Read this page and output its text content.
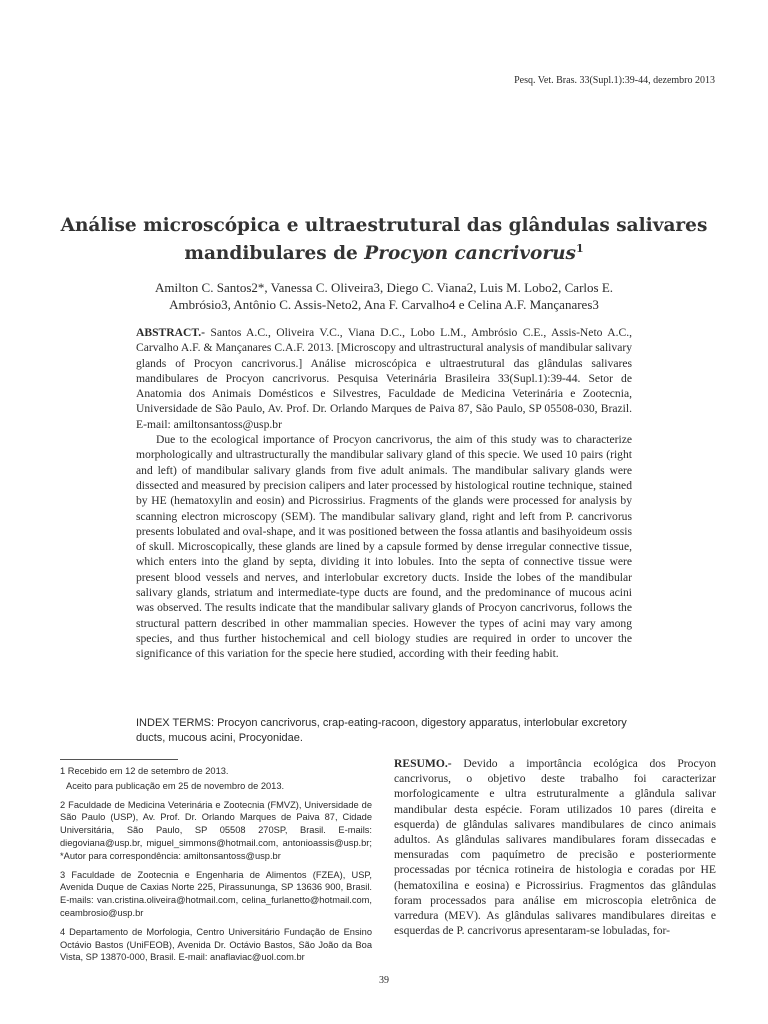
Pesq. Vet. Bras. 33(Supl.1):39-44, dezembro 2013
Análise microscópica e ultraestrutural das glândulas salivares
mandibulares de Procyon cancrivorus$^1$
Amilton C. Santos2*, Vanessa C. Oliveira3, Diego C. Viana2, Luis M. Lobo2, Carlos E.
Ambrósio3, Antônio C. Assis-Neto2, Ana F. Carvalho4 e Celina A.F. Mançanares3

ABSTRACT.- Santos A.C., Oliveira V.C., Viana D.C., Lobo L.M., Ambrósio C.E., Assis-Neto A.C., Carvalho A.F. & Mançanares C.A.F. 2013. [Microscopy and ultrastructural analysis of mandibular salivary glands of Procyon cancrivorus.] Análise microscópica e ultraestrutural das glândulas salivares mandibulares de Procyon cancrivorus. Pesquisa Veterinária Brasileira 33(Supl.1):39-44. Setor de Anatomia dos Animais Domésticos e Silvestres, Faculdade de Medicina Veterinária e Zootecnia, Universidade de São Paulo, Av. Prof. Dr. Orlando Marques de Paiva 87, São Paulo, SP 05508-030, Brazil. E-mail: amiltonsantoss@usp.br

Due to the ecological importance of Procyon cancrivorus, the aim of this study was to characterize morphologically and ultrastructurally the mandibular salivary gland of this specie. We used 10 pairs (right and left) of mandibular salivary glands from five adult animals. The mandibular salivary glands were dissected and measured by precision calipers and later processed by histological routine technique, stained by HE (hematoxylin and eosin) and Picrossirius. Fragments of the glands were processed for analysis by scanning electron microscopy (SEM). The mandibular salivary gland, right and left from P. cancrivorus presents lobulated and oval-shape, and it was positioned between the fossa atlantis and basihyoideum ossis of skull. Microscopically, these glands are lined by a capsule formed by dense irregular connective tissue, which enters into the gland by septa, dividing it into lobules. Into the septa of connective tissue were present blood vessels and nerves, and interlobular excretory ducts. Inside the lobes of the mandibular salivary glands, striatum and intermediate-type ducts are found, and the predominance of mucous acini was observed. The results indicate that the mandibular salivary glands of Procyon cancrivorus, follows the structural pattern described in other mammalian species. However the types of acini may vary among species, and thus further histochemical and cell biology studies are required in order to uncover the significance of this variation for the specie here studied, according with their feeding habit.

INDEX TERMS: Procyon cancrivorus, crap-eating-racoon, digestory apparatus, interlobular excretory ducts, mucous acini, Procyonidae.

1 Recebido em 12 de setembro de 2013.

Aceito para publicação em 25 de novembro de 2013.

2 Faculdade de Medicina Veterinária e Zootecnia (FMVZ), Universidade de São Paulo (USP), Av. Prof. Dr. Orlando Marques de Paiva 87, Cidade Universitária, São Paulo, SP 05508 270SP, Brasil. E-mails: diegoviana@usp.br, miguel_simmons@hotmail.com, antonioassis@usp.br; *Autor para correspondência: amiltonsantoss@usp.br

3 Faculdade de Zootecnia e Engenharia de Alimentos (FZEA), USP, Avenida Duque de Caxias Norte 225, Pirassununga, SP 13636 900, Brasil. E-mails: van.cristina.oliveira@hotmail.com, celina_furlanetto@hotmail.com, ceambrosio@usp.br

4 Departamento de Morfologia, Centro Universitário Fundação de Ensino Octávio Bastos (UniFEOB), Avenida Dr. Octávio Bastos, São João da Boa Vista, SP 13870-000, Brasil. E-mail: anaflaviac@uol.com.br

RESUMO.- Devido a importância ecológica dos Procyon cancrivorus, o objetivo deste trabalho foi caracterizar morfologicamente e ultra estruturalmente a glândula salivar mandibular desta espécie. Foram utilizados 10 pares (direita e esquerda) de glândulas salivares mandibulares de cinco animais adultos. As glândulas salivares mandibulares foram dissecadas e mensuradas com paquímetro de precisão e posteriormente processadas por técnica rotineira de histologia e coradas por HE (hematoxilina e eosina) e Picrossirius. Fragmentos das glândulas foram processados para análise em microscopia eletrônica de varredura (MEV). As glândulas salivares mandibulares direitas e esquerdas de P. cancrivorus apresentaram-se lobuladas, for-

39
